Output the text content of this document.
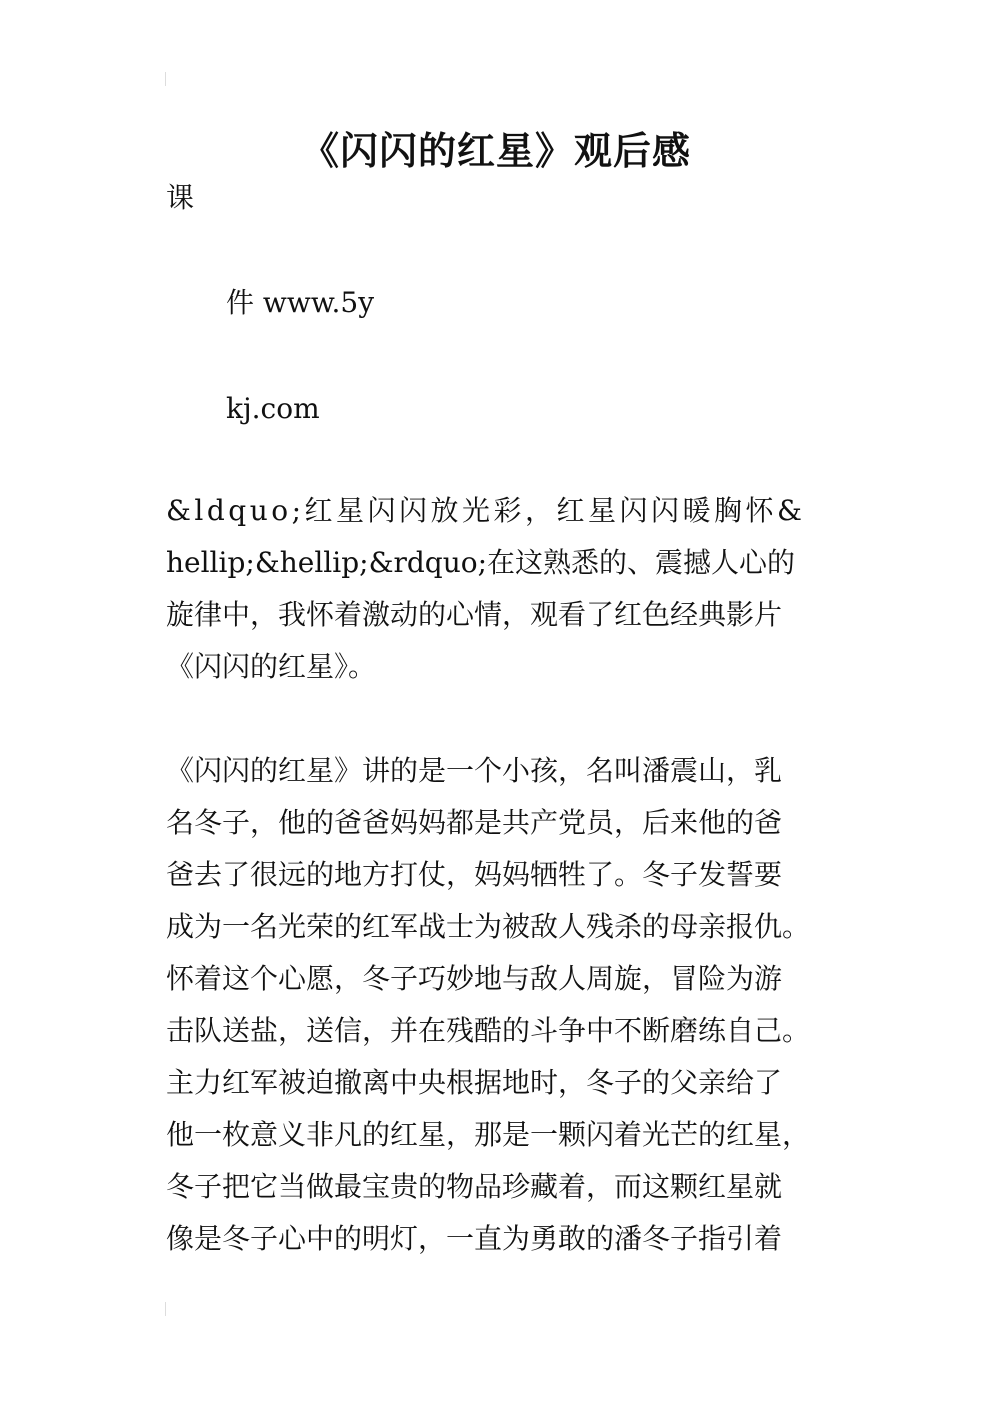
《闪闪的红星》观后感
课
件 www.5y
kj.com
&ldquo;红星闪闪放光彩，红星闪闪暖胸怀&
hellip;&hellip;&rdquo;在这熟悉的、震撼人心的
旋律中，我怀着激动的心情，观看了红色经典影片
《闪闪的红星》。
《闪闪的红星》讲的是一个小孩，名叫潘震山，乳
名冬子，他的爸爸妈妈都是共产党员，后来他的爸
爸去了很远的地方打仗，妈妈牺牲了。冬子发誓要
成为一名光荣的红军战士为被敌人残杀的母亲报仇。
怀着这个心愿，冬子巧妙地与敌人周旋，冒险为游
击队送盐，送信，并在残酷的斗争中不断磨练自己。
主力红军被迫撤离中央根据地时，冬子的父亲给了
他一枚意义非凡的红星，那是一颗闪着光芒的红星，
冬子把它当做最宝贵的物品珍藏着，而这颗红星就
像是冬子心中的明灯，一直为勇敢的潘冬子指引着
